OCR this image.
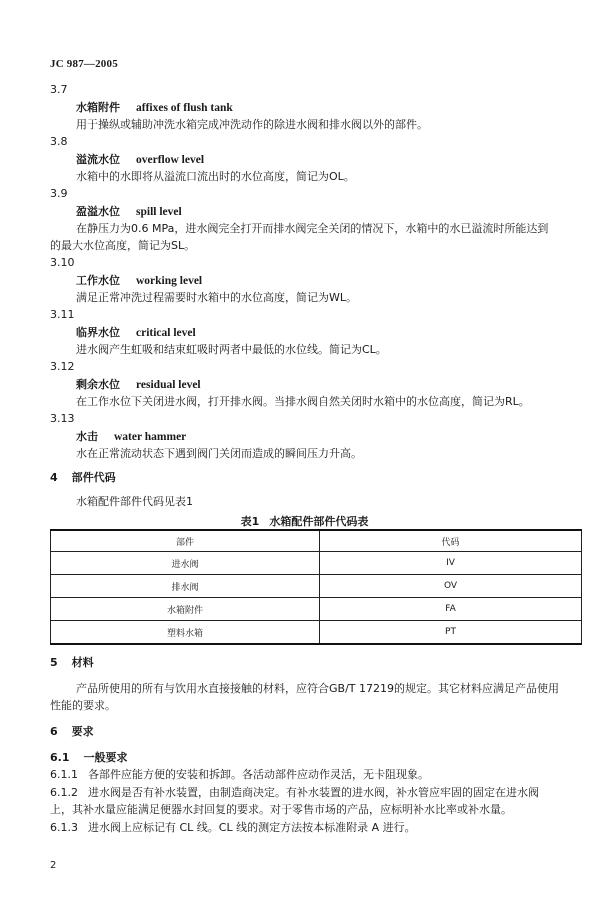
JC 987—2005
3.7
水箱附件 affixes of flush tank
用于操纵或辅助冲洗水箱完成冲洗动作的除进水阀和排水阀以外的部件。
3.8
溢流水位 overflow level
水箱中的水即将从溢流口流出时的水位高度，简记为OL。
3.9
盈溢水位 spill level
在静压力为0.6 MPa，进水阀完全打开而排水阀完全关闭的情况下，水箱中的水已溢流时所能达到
的最大水位高度，简记为SL。
3.10
工作水位 working level
满足正常冲洗过程需要时水箱中的水位高度，简记为WL。
3.11
临界水位 critical level
进水阀产生虹吸和结束虹吸时两者中最低的水位线。简记为CL。
3.12
剩余水位 residual level
在工作水位下关闭进水阀，打开排水阀。当排水阀自然关闭时水箱中的水位高度，简记为RL。
3.13
水击 water hammer
水在正常流动状态下遇到阀门关闭而造成的瞬间压力升高。
4 部件代码
水箱配件部件代码见表1
表1 水箱配件部件代码表
部件	代码
进水阀	IV
排水阀	OV
水箱附件	FA
塑料水箱	PT
5 材料
产品所使用的所有与饮用水直接接触的材料，应符合GB/T 17219的规定。其它材料应满足产品使用
性能的要求。
6 要求
6.1 一般要求
6.1.1 各部件应能方便的安装和拆卸。各活动部件应动作灵活，无卡阻现象。
6.1.2 进水阀是否有补水装置，由制造商决定。有补水装置的进水阀，补水管应牢固的固定在进水阀
上，其补水量应能满足便器水封回复的要求。对于零售市场的产品，应标明补水比率或补水量。
6.1.3 进水阀上应标记有 CL 线。CL 线的测定方法按本标准附录 A 进行。
2
